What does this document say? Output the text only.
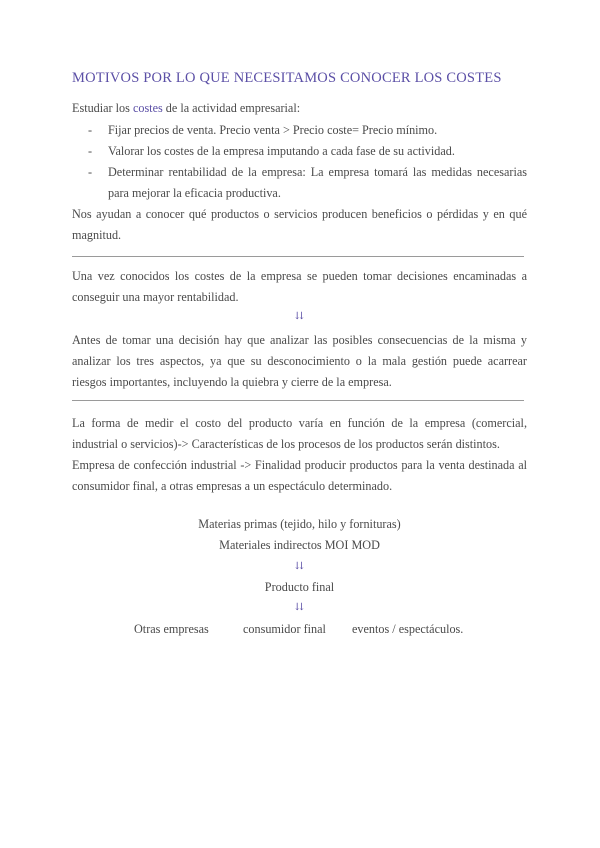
MOTIVOS POR LO QUE NECESITAMOS CONOCER LOS COSTES

Estudiar los costes de la actividad empresarial:

- Fijar precios de venta. Precio venta > Precio coste= Precio mínimo.
- Valorar los costes de la empresa imputando a cada fase de su actividad.
- Determinar rentabilidad de la empresa: La empresa tomará las medidas necesarias para mejorar la eficacia productiva.

Nos ayudan a conocer qué productos o servicios producen beneficios o pérdidas y en qué magnitud.

Una vez conocidos los costes de la empresa se pueden tomar decisiones encaminadas a conseguir una mayor rentabilidad.

⇊

Antes de tomar una decisión hay que analizar las posibles consecuencias de la misma y analizar los tres aspectos, ya que su desconocimiento o la mala gestión puede acarrear riesgos importantes, incluyendo la quiebra y cierre de la empresa.

La forma de medir el costo del producto varía en función de la empresa (comercial, industrial o servicios)-> Características de los procesos de los productos serán distintos.

Empresa de confección industrial -> Finalidad producir productos para la venta destinada al consumidor final, a otras empresas a un espectáculo determinado.

Materias primas (tejido, hilo y fornituras)
Materiales indirectos MOI MOD
⇊
Producto final
⇊
Otras empresas	consumidor final eventos / espectáculos.
